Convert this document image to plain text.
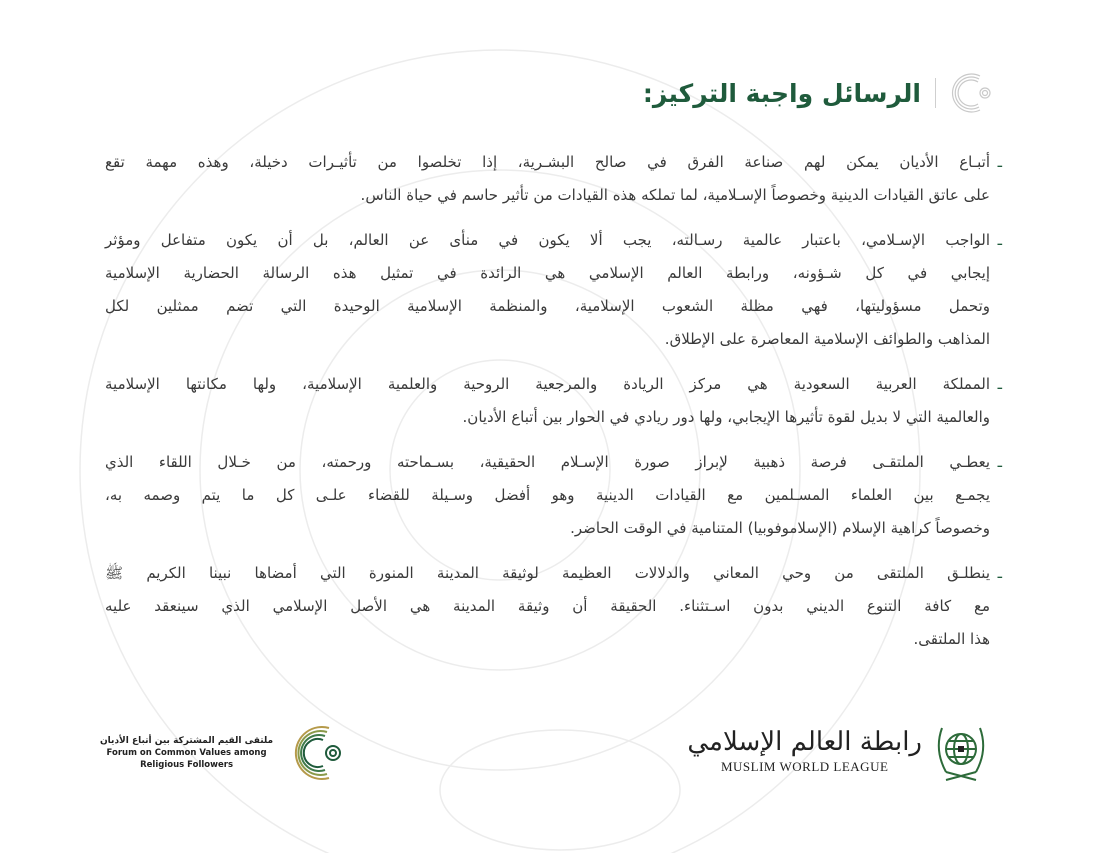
الرسائل واجبة التركيز:
ـ
أتبـاع الأديان يمكن لهم صناعة الفرق في صالح البشـرية، إذا تخلصوا من تأثيـرات دخيلة، وهذه مهمة تقع
على عاتق القيادات الدينية وخصوصاً الإسـلامية، لما تملكه هذه القيادات من تأثير حاسم في حياة الناس.
ـ
الواجب الإسـلامي، باعتبار عالمية رسـالته، يجب ألا يكون في منأى عن العالم، بل أن يكون متفاعل ومؤثر
إيجابي في كل شـؤونه، ورابطة العالم الإسلامي هي الرائدة في تمثيل هذه الرسالة الحضارية الإسلامية
وتحمل مسؤوليتها، فهي مظلة الشعوب الإسلامية، والمنظمة الإسلامية الوحيدة التي تضم ممثلين لكل
المذاهب والطوائف الإسلامية المعاصرة على الإطلاق.
ـ
المملكة العربية السعودية هي مركز الريادة والمرجعية الروحية والعلمية الإسلامية، ولها مكانتها الإسلامية
والعالمية التي لا بديل لقوة تأثيرها الإيجابي، ولها دور ريادي في الحوار بين أتباع الأديان.
ـ
يعطـي الملتقـى فرصة ذهبية لإبراز صورة الإسـلام الحقيقية، بسـماحته ورحمته، من خـلال اللقاء الذي
يجمـع بين العلماء المسـلمين مع القيادات الدينية وهو أفضل وسـيلة للقضاء علـى كل ما يتم وصمه به،
وخصوصاً كراهية الإسلام (الإسلاموفوبيا) المتنامية في الوقت الحاضر.
ـ
ينطلـق الملتقى من وحي المعاني والدلالات العظيمة لوثيقة المدينة المنورة التي أمضاها نبينا الكريم ﷺ
مع كافة التنوع الديني بدون اسـتثناء. الحقيقة أن وثيقة المدينة هي الأصل الإسلامي الذي سينعقد عليه
هذا الملتقى.
ملتقى القيم المشتركة بين أتباع الأديان
Forum on Common Values among
Religious Followers
رابطة العالم الإسلامي
MUSLIM WORLD LEAGUE
